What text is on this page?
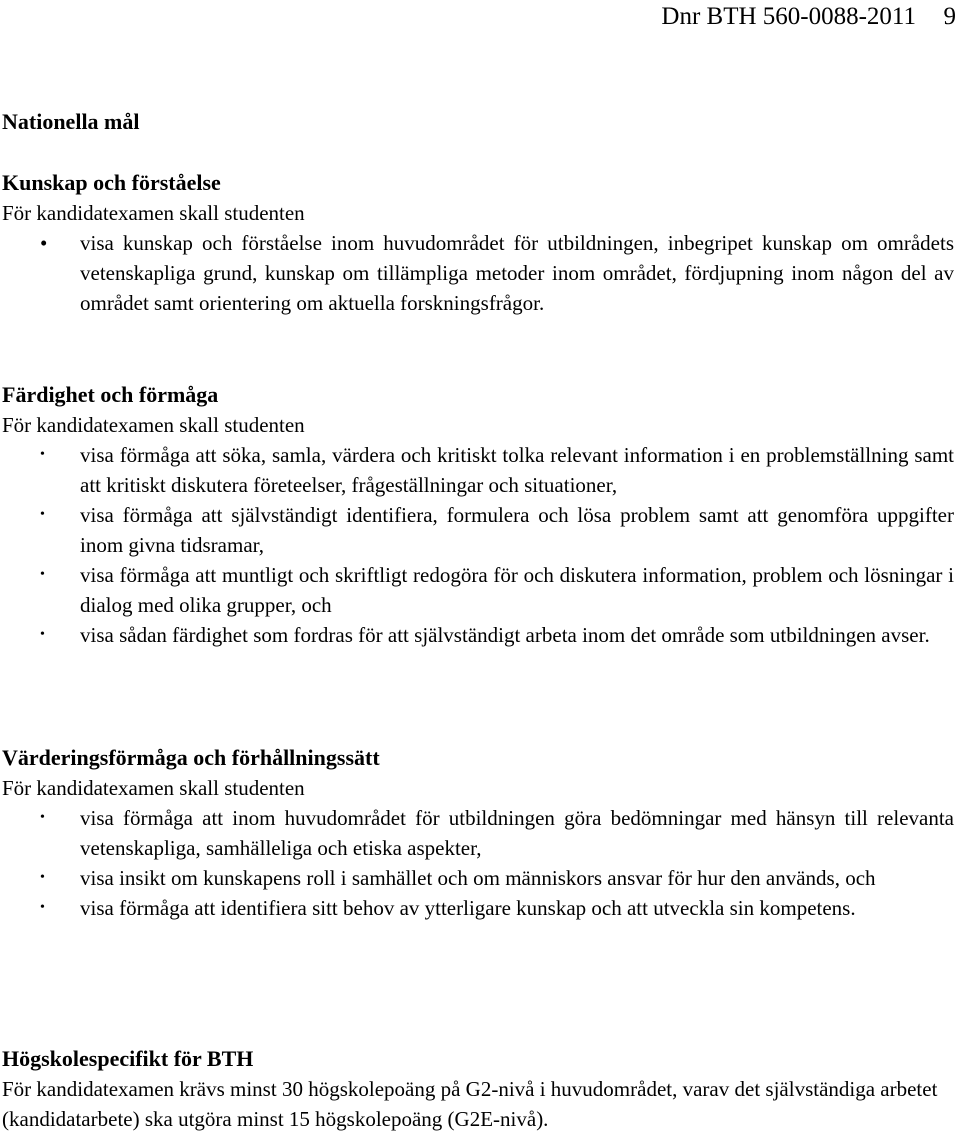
Dnr BTH 560-0088-2011 9
Nationella mål
Kunskap och förståelse

För kandidatexamen skall studenten

• visa kunskap och förståelse inom huvudområdet för utbildningen, inbegripet kunskap om områdets vetenskapliga grund, kunskap om tillämpliga metoder inom området, fördjupning inom någon del av området samt orientering om aktuella forskningsfrågor.
Färdighet och förmåga

För kandidatexamen skall studenten

• visa förmåga att söka, samla, värdera och kritiskt tolka relevant information i en problemställning samt att kritiskt diskutera företeelser, frågeställningar och situationer,
• visa förmåga att självständigt identifiera, formulera och lösa problem samt att genomföra uppgifter inom givna tidsramar,
• visa förmåga att muntligt och skriftligt redogöra för och diskutera information, problem och lösningar i dialog med olika grupper, och
• visa sådan färdighet som fordras för att självständigt arbeta inom det område som utbildningen avser.
Värderingsförmåga och förhållningssätt

För kandidatexamen skall studenten

• visa förmåga att inom huvudområdet för utbildningen göra bedömningar med hänsyn till relevanta vetenskapliga, samhälleliga och etiska aspekter,
• visa insikt om kunskapens roll i samhället och om människors ansvar för hur den används, och
• visa förmåga att identifiera sitt behov av ytterligare kunskap och att utveckla sin kompetens.
Högskolespecifikt för BTH

För kandidatexamen krävs minst 30 högskolepoäng på G2-nivå i huvudområdet, varav det självständiga arbetet (kandidatarbete) ska utgöra minst 15 högskolepoäng (G2E-nivå).
